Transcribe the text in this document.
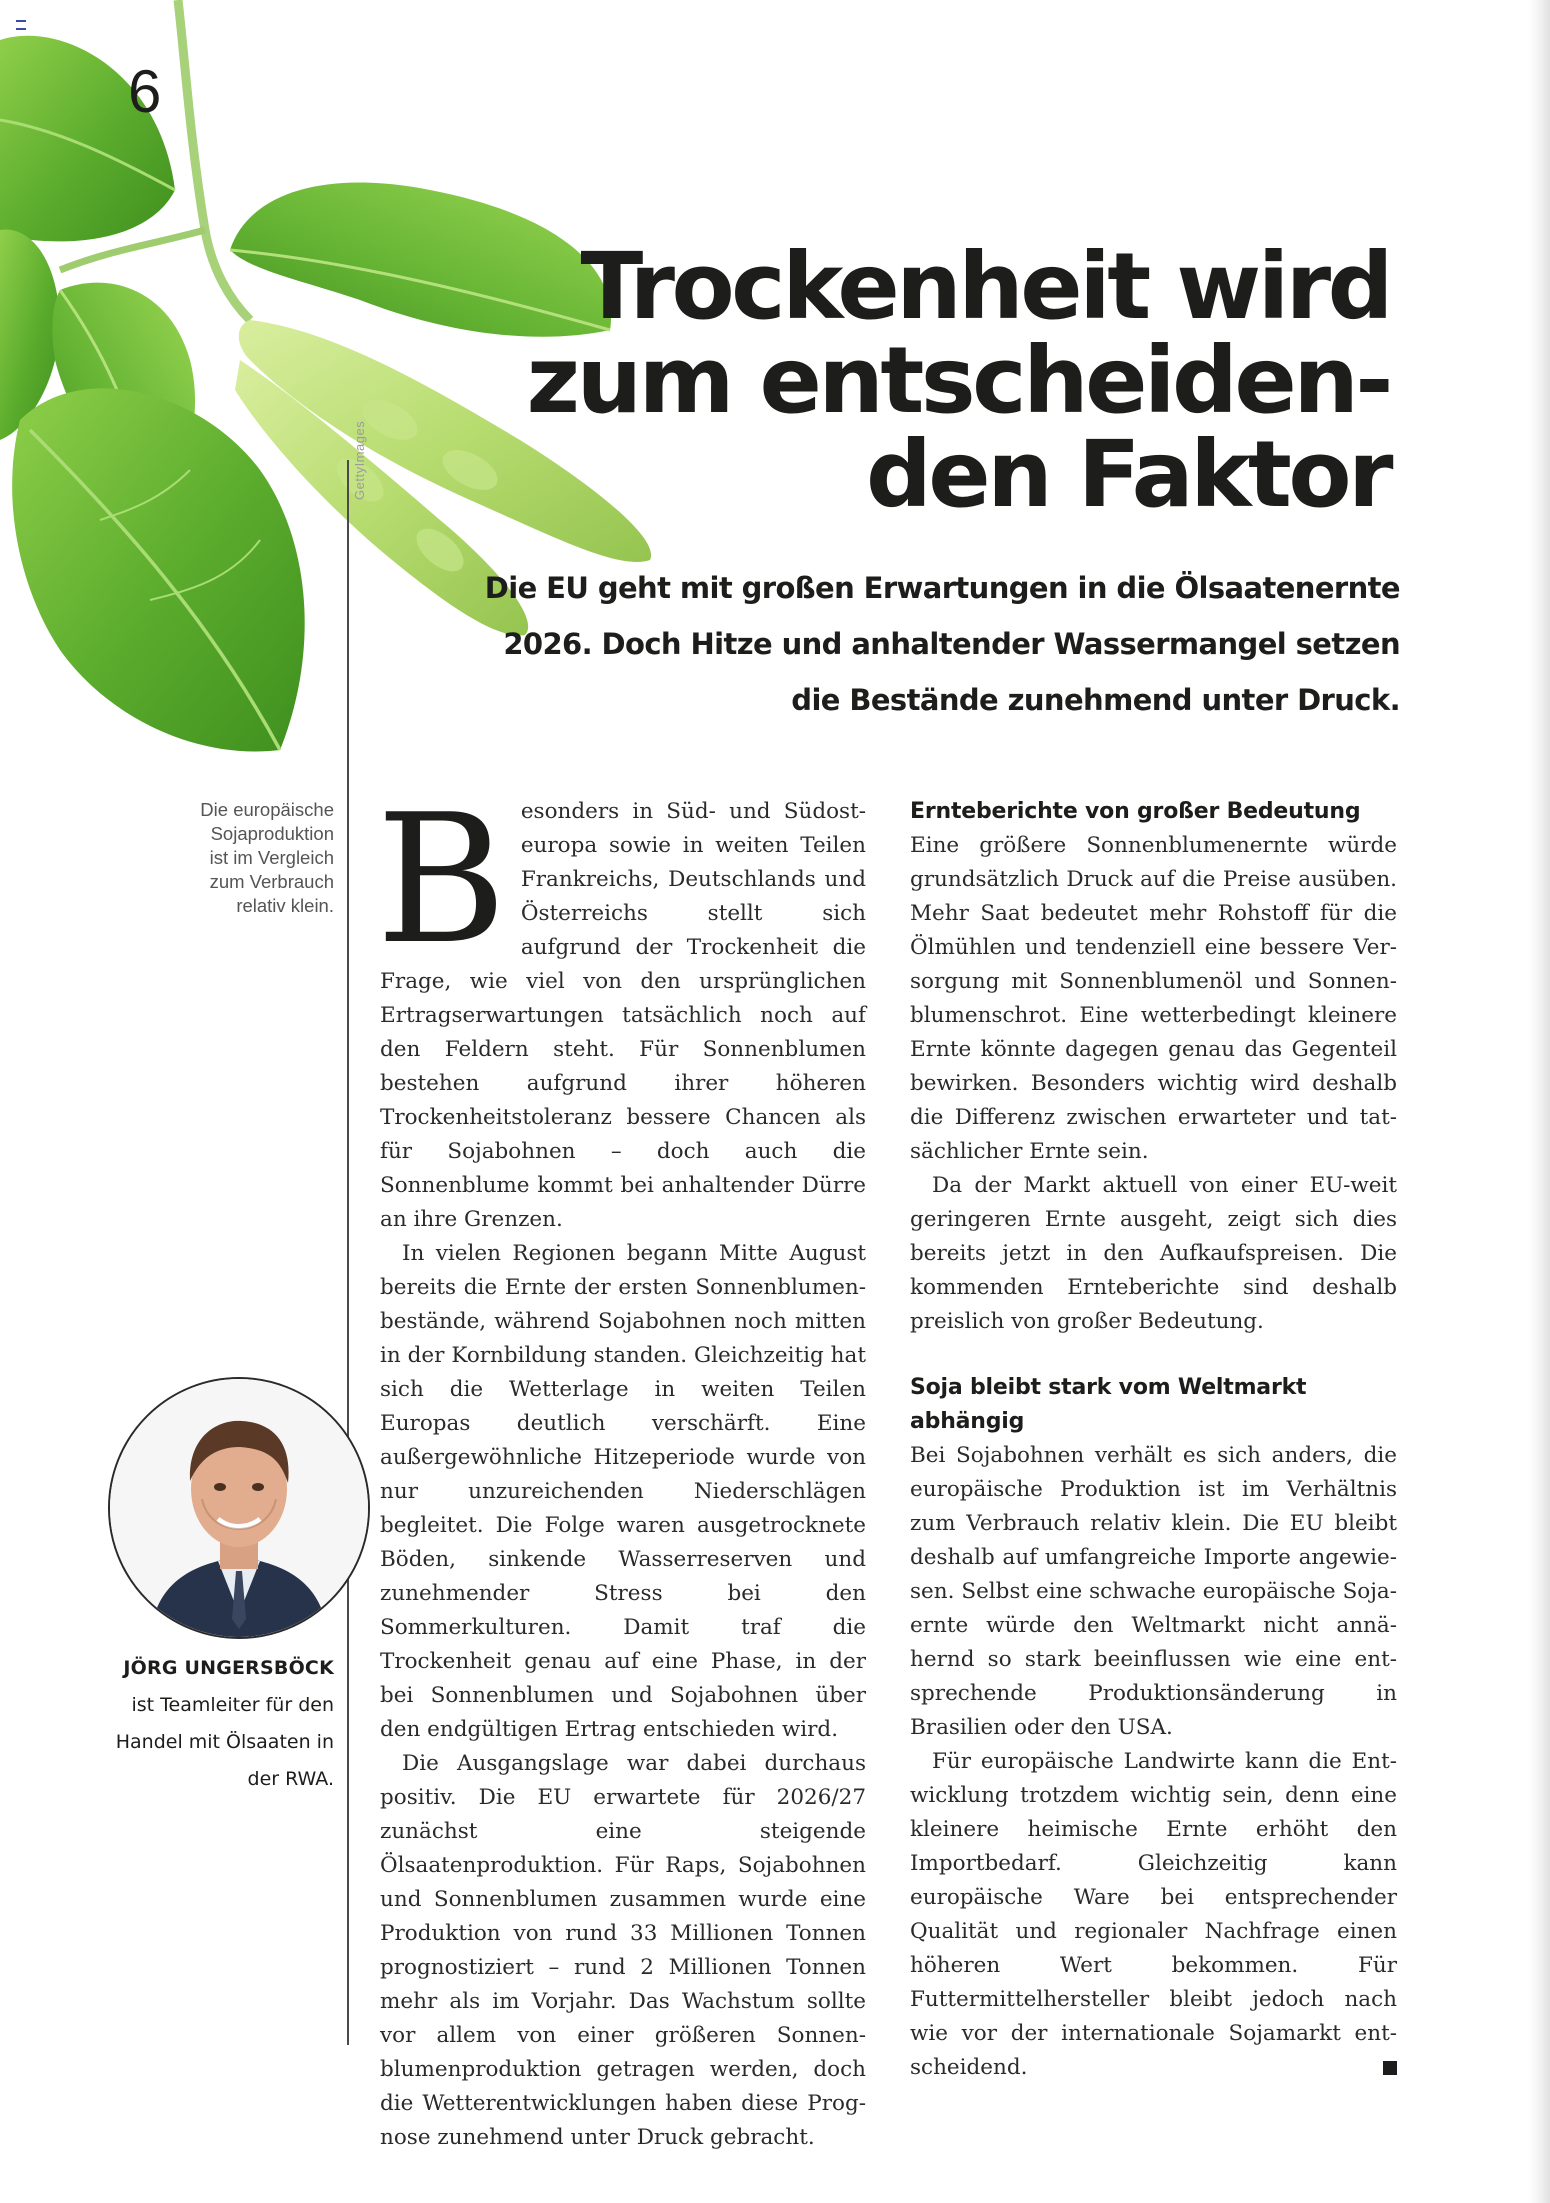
6
GettyImages
Trockenheit wird
zum entscheiden-
den Faktor

Die EU geht mit großen Erwartungen in die Ölsaatenernte
2026. Doch Hitze und anhaltender Wassermangel setzen
die Bestände zunehmend unter Druck.

Die europäische
Sojaproduktion
ist im Vergleich
zum Verbrauch
relativ klein.

JÖRG UNGERSBÖCK
ist Teamleiter für den
Handel mit Ölsaaten in
der RWA.

Besonders in Süd- und Südosteuropa sowie in weiten Teilen Frankreichs, Deutschlands und Österreichs stellt sich aufgrund der Trockenheit die Frage, wie viel von den ursprünglichen Ertragserwartungen tatsächlich noch auf den Feldern steht. Für Sonnenblumen bestehen aufgrund ihrer höheren Trockenheitstoleranz bessere Chancen als für Sojabohnen – doch auch die Sonnenblume kommt bei anhaltender Dürre an ihre Grenzen.

In vielen Regionen begann Mitte August bereits die Ernte der ersten Sonnenblumenbestände, während Sojabohnen noch mitten in der Kornbildung standen. Gleichzeitig hat sich die Wetterlage in weiten Teilen Europas deutlich verschärft. Eine außergewöhnliche Hitzeperiode wurde von nur unzureichenden Niederschlägen begleitet. Die Folge waren ausgetrocknete Böden, sinkende Wasserreserven und zunehmender Stress bei den Sommerkulturen. Damit traf die Trockenheit genau auf eine Phase, in der bei Sonnenblumen und Sojabohnen über den endgültigen Ertrag entschieden wird.

Die Ausgangslage war dabei durchaus positiv. Die EU erwartete für 2026/27 zunächst eine steigende Ölsaatenproduktion. Für Raps, Sojabohnen und Sonnenblumen zusammen wurde eine Produktion von rund 33 Millionen Tonnen prognostiziert – rund 2 Millionen Tonnen mehr als im Vorjahr. Das Wachstum sollte vor allem von einer größeren Sonnenblumenproduktion getragen werden, doch die Wetterentwicklungen haben diese Prognose zunehmend unter Druck gebracht.

Ernteberichte von großer Bedeutung

Eine größere Sonnenblumenernte würde grundsätzlich Druck auf die Preise ausüben. Mehr Saat bedeutet mehr Rohstoff für die Ölmühlen und tendenziell eine bessere Versorgung mit Sonnenblumenöl und Sonnenblumenschrot. Eine wetterbedingt kleinere Ernte könnte dagegen genau das Gegenteil bewirken. Besonders wichtig wird deshalb die Differenz zwischen erwarteter und tatsächlicher Ernte sein.

Da der Markt aktuell von einer EU-weit geringeren Ernte ausgeht, zeigt sich dies bereits jetzt in den Aufkaufspreisen. Die kommenden Ernteberichte sind deshalb preislich von großer Bedeutung.

Soja bleibt stark vom Weltmarkt abhängig

Bei Sojabohnen verhält es sich anders, die europäische Produktion ist im Verhältnis zum Verbrauch relativ klein. Die EU bleibt deshalb auf umfangreiche Importe angewiesen. Selbst eine schwache europäische Sojaernte würde den Weltmarkt nicht annähernd so stark beeinflussen wie eine entsprechende Produktionsänderung in Brasilien oder den USA.

Für europäische Landwirte kann die Entwicklung trotzdem wichtig sein, denn eine kleinere heimische Ernte erhöht den Importbedarf. Gleichzeitig kann europäische Ware bei entsprechender Qualität und regionaler Nachfrage einen höheren Wert bekommen. Für Futtermittelhersteller bleibt jedoch nach wie vor der internationale Sojamarkt entscheidend.
